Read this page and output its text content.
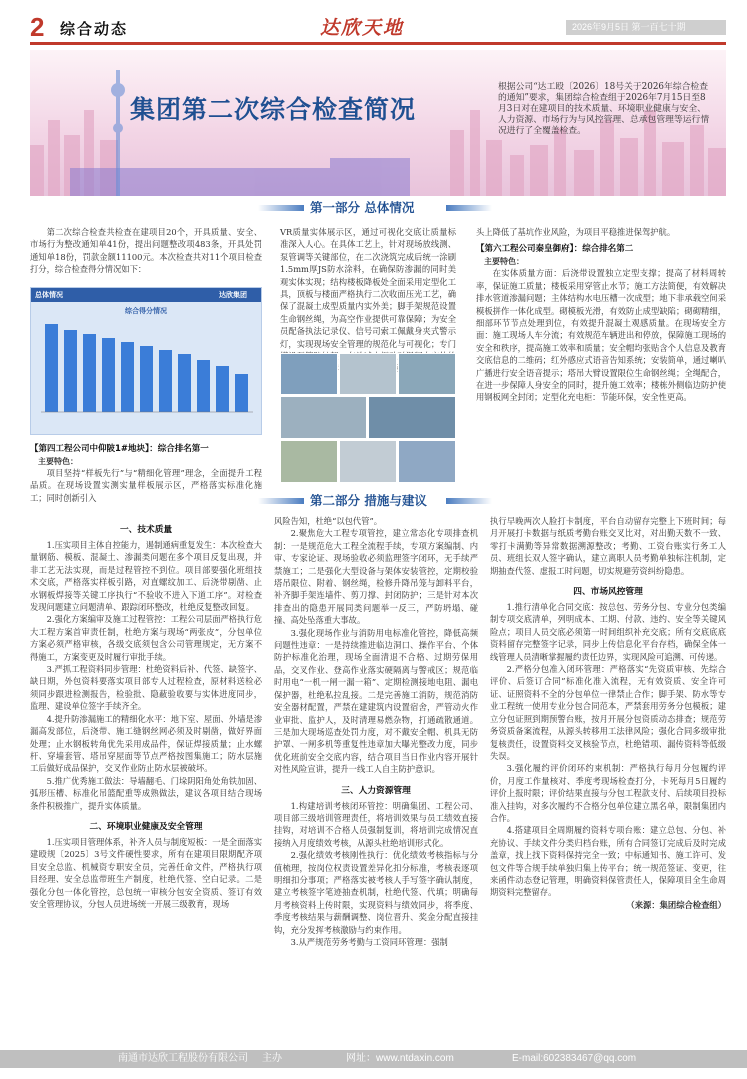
2 综合动态	达欣天地	2026年9月5日 第一百七十期
集团第二次综合检查简况
根据公司“达工殴〔2026〕18号关于2026年综合检查的通知”要求，集团综合检查组于2026年7月15日至8月3日对在建项目的技术质量、环境职业健康与安全、人力资源、市场行为与风控管理、总承包管理等运行情况进行了全覆盖检查。
第一部分 总体情况

第二次综合检查共检查在建项目20个，开具质量、安全、市场行为整改通知单41份，提出问题整改项483条，开具处罚通知单18份，罚款金额11100元。本次检查共对11个项目检查打分，综合检查得分情况如下：

总体情况	达欣集团
综合得分情况
【第四工程公司中仰陂1#地块】：综合排名第一
主要特色：

项目坚持“样板先行”与“精细化管理”理念，全面提升工程品质。在现场设置实测实量样板展示区，严格落实标准化施工；同时创新引入

VR质量实体展示区，通过可视化交底让质量标准深入人心。在具体工艺上，针对现场放线测、泵管调等关键部位，在二次浇筑完成后统一涂刷1.5mm厚JS防水涂料，在确保防渗漏的同时美观实体实现；结构楼板降板处全面采用定型化工具，顶板与楼面严格执行二次收面压光工艺，确保了混凝土成型质量内实外美；脚手架规范设置生命钢丝绳，为高空作业提供可靠保障；为安全员配备执法记录仪、信号司索工佩戴身夹式警示灯，实现现场安全管理的规范化与可视化；专门

头上降低了基坑作业风险，为项目平稳推进保驾护航。

【第六工程公司秦皇御府】：综合排名第二
主要特色：

在实体质量方面：后浇带设置独立定型支撑；提高了材料周转率，保证施工质量；楼板采用穿管止水节；施工方法简便，有效解决排水管道渗漏问题；主体结构水电压槽一次成型；地下非承载空间采模板拼作一体化成型。砌模板光滑，有效防止成型缺陷；砌砌精细，细部环节节点处理到位，有效提升混凝土观感质量。在现场安全方面：施工现场人车分流；有效规范车辆进出和停放，保障施工现场的安全和秩序，提高施工效率和质量；安全帽均张贴含个人信息及教育交底信息的二维码；红外感应式语音告知系统；安装简单，通过喇叭广播进行安全语音提示；塔吊大臂设置限位生命钢丝绳；全绳配合，在进一步保障人身安全的同时，提升施工效率；楼栋外侧临边防护使用钢板网全封闭；定型化充电柜：节能环保，安全性更高。

第二部分 措施与建议
一、技术质量

1.压实项目主体自控能力，遏制通病重复发生：本次检查大量钢筋、模板、混凝土、渗漏类问题在多个项目反复出现，并非工艺无法实现，而是过程管控不到位。项目部要强化班组技术交底，严格落实样板引路，对直螺纹加工、后浇带剔凿、止水钢板焊接等关键工序执行“不验收不进入下道工序”。对检查发现问题建立问题清单、跟踪闭环整改，杜绝反复整改回复。

2.强化方案编审及施工过程管控：工程公司层面严格执行危大工程方案首审责任制，杜绝方案与现场“两张皮”，分包单位方案必须严格审核，各级交底须包含公司管理规定，无方案不得施工，方案变更及时履行审批手续。

3.严抓工程资料同步管理：杜绝资料后补、代签、缺签字、缺日期，外包资料要落实项目部专人过程检查，原材料送检必须同步跟进检测报告，检验批、隐蔽验收要与实体进度同步，监理、建设单位签字手续齐全。

4.提升防渗漏施工的精细化水平：地下室、屋面、外墙是渗漏高发部位，后浇带、施工缝钢丝网必须及时剔凿，做好界面处理；止水钢板转角优先采用成品件，保证焊接质量；止水螺杆、穿墙套管、塔吊穿屋面等节点严格按图集施工；防水层施工后做好成品保护，交叉作业防止防水层被破坏。

5.推广优秀施工做法：导墙翻毛、门垛阴阳角处角铁加固、弧形压槽、标准化吊篮配重等成熟做法，建议各项目结合现场条件积极推广，提升实体质量。

二、环境职业健康及安全管理

1.压实项目管理体系，补齐人员与制度短板：一是全面落实建殴规〔2025〕3号文件硬性要求，所有在建项目限期配齐项目安全总监、机械资专职安全员，完善任命文件，严格执行项目经理、安全总监带班生产制度，杜绝代签、空白记录。二是强化分包一体化管控，总包统一审核分包安全资质、签订有效安全管理协议，分包人员进场统一开展三级教育，现场

风险告知，杜绝“以包代管”。

2.聚焦危大工程专项管控，建立常态化专项排查机制：一是规范危大工程全流程手续，专项方案编制、内审、专家论证、现场验收必须监理签字闭环，无手续严禁施工；二是强化大型设备与架体安装管控，定期校验塔吊限位、附着、钢丝绳，检修升降吊笼与卸料平台，补齐脚手架连墙件、剪刀撑、封闭防护；三是针对本次排查出的隐患开展同类问题举一反三，严防坍塌、碰撞、高处坠落重大事故。

3.强化现场作业与消防用电标准化管控，降低高频问题性违章：一是持续推进临边洞口、操作平台、个体防护标准化治理，现场全面清退不合格、过期劳保用品，交叉作业、登高作业落实硬隔离与警戒区；规范临时用电“一机一闸一漏一箱”、定期检测接地电阻、漏电保护器，杜绝私拉乱接。二是完善施工消防，规范消防安全器材配置，严禁在建建筑内设置宿舍，严管动火作业审批、监护人，及时清理易燃杂物，打通疏散通道。三是加大现场巡查处罚力度，对不戴安全帽、机具无防护罩、一闸多机等重复性违章加大曝光整改力度，同步优化班前安全交底内容，结合项目当日作业内容开展针对性风险宣讲，提升一线工人自主防护意识。

三、人力资源管理

1.构建培训考核闭环管控：明确集团、工程公司、项目部三级培训管理责任，将培训效果与员工绩效直接挂钩，对培训不合格人员强制复训，将培训完成情况直接纳入月度绩效考核，从源头杜绝培训形式化。

2.强化绩效考核刚性执行：优化绩效考核指标与分值梳理，按岗位权责设置差异化扣分标准，考核表逐项明细扣分事项；严格落实被考核人手写签字确认制度，建立考核签字笔迹抽查机制，杜绝代签、代填；明确每月考核资料上传时限，实现资料与绩效同步，将季度、季度考核结果与薪酬调整、岗位晋升、奖金分配直接挂钩，充分发挥考核激励与约束作用。

3.从严规范劳务考勤与工资同环管理：强制

执行早晚两次人脸打卡制度，平台自动留存完整上下班时间；每月开展打卡数据与纸质考勤台账交叉比对，对出勤天数不一致、零打卡满勤等异常数据溯源整改；考勤、工资台账实行务工人员、班组长双人签字确认，建立离职人员考勤单独标注机制，定期抽查代签、虚报工时问题，切实规避劳资纠纷隐患。

四、市场风控管理

1.推行清单化合同交底：按总包、劳务分包、专业分包类编制专项交底清单，列明成本、工期、付款、违约、安全等关键风险点；项目人员交底必须第一时间组织补充交底；所有交底底底资料留存完整签字记录，同步上传信息化平台存档，确保全体一线管理人员清晰掌握履约责任边界，实现风险可追溯、可传递。

2.严格分包准入闭环管理：严格落实“先资质审核、先综合评价、后签订合同”标准化准入流程，无有效资质、安全许可证、证照资料不全的分包单位一律禁止合作；脚手架、防水等专业工程统一使用专业分包合同范本，严禁套用劳务分包模板；建立分包证照到期预警台账，按月开展分包资质动态排查；规范劳务资质备案流程，从源头转移用工法律风险；强化合同多级审批复核责任，设置资料交叉核验节点，杜绝错项、漏传资料等低级失误。

3.强化履约评价闭环约束机制：严格执行每月分包履约评价，月度工作量核对、季度考现场检查打分，卡死每月5日履约评价上报时限；评价结果直接与分包工程款支付、后续项目投标准入挂钩，对多次履约不合格分包单位建立黑名单，限制集团内合作。

4.搭建项目全周期履约资料专项台账：建立总包、分包、补充协议、手续文件分类归档台账，所有合同签订完成后及时完成盖章，找上找下资料保持完全一致；中标通知书、施工许可、发包文件等合规手续单独归集上传平台；统一规范签证、变更，往来函件动态登记管理，明确资料保管责任人，保障项目全生命周期资料完整留存。

（来源：集团综合检查组）

南通市达欣工程股份有限公司 主办	网址：www.ntdaxin.com	E-mail:602383467@qq.com
